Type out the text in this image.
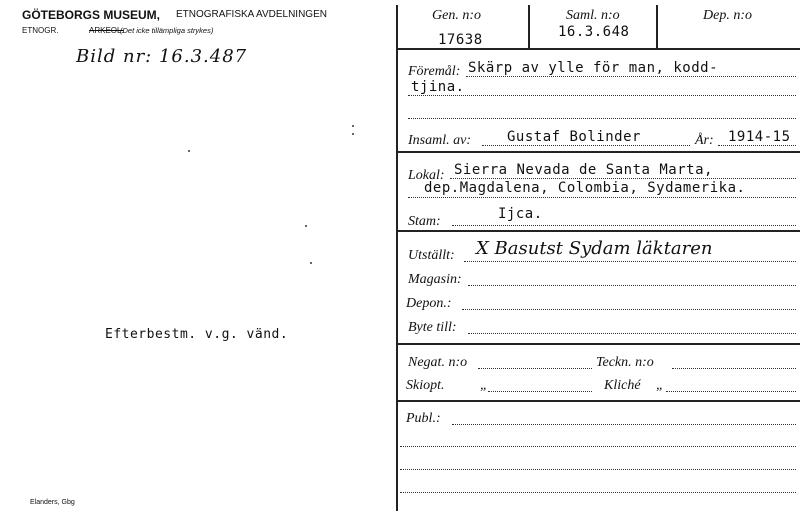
GÖTEBORGS MUSEUM, ETNOGRAFISKA AVDELNINGEN
ETNOGR.	ARKEOL.
(Det icke tillämpliga strykes)
Bild nr: 16.3.487
Efterbestm. v.g. vänd.
Elanders, Gbg
Gen. n:o
17638
Saml. n:o
16.3.648
Dep. n:o
Föremål: Skärp av ylle för man, kodd-
tjina.
Insaml. av:	Gustaf Bolinder	År: 1914-15
Lokal: Sierra Nevada de Santa Marta,
dep.Magdalena, Colombia, Sydamerika.
Stam:	Ijca.
Utställt: X Basutst Sydam läktaren
Magasin:
Depon.:
Byte till:
Negat. n:o	Teckn. n:o
Skiopt.	„	Kliché „
Publ.:
